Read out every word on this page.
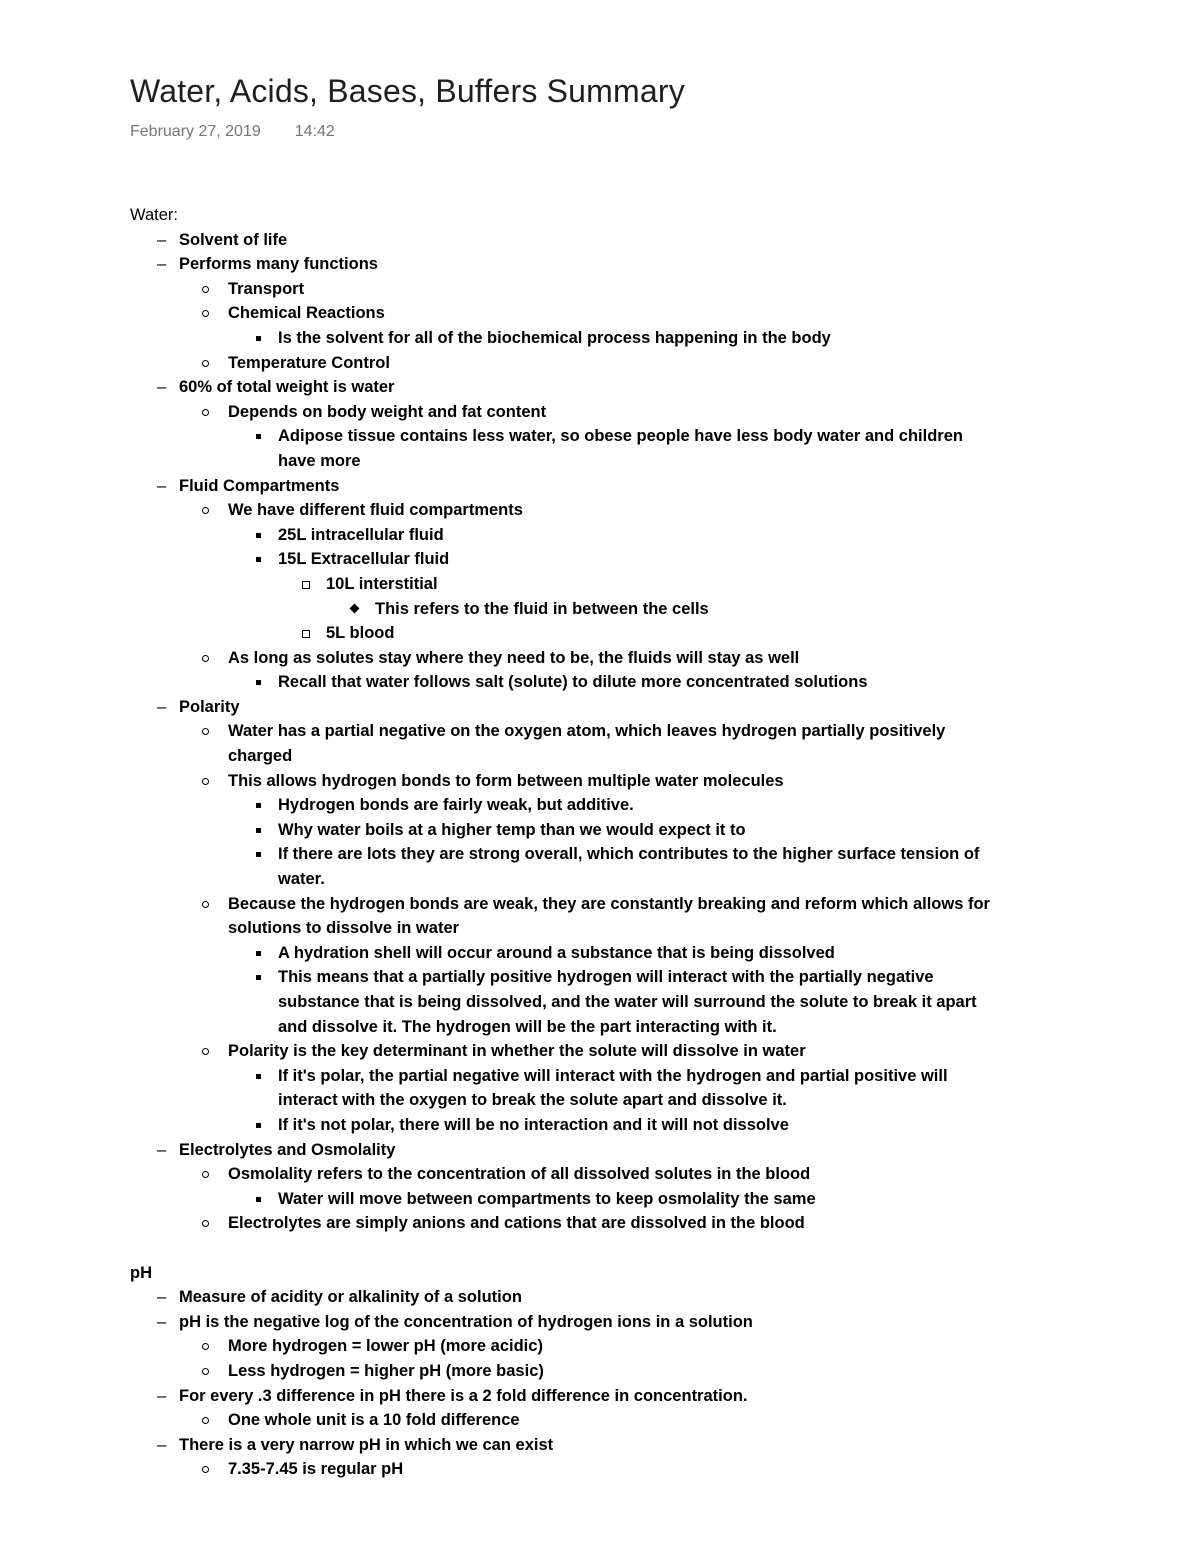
Water, Acids, Bases, Buffers Summary
February 27, 2019 14:42
Water:
–
Solvent of life
–
Performs many functions
Transport
Chemical Reactions
Is the solvent for all of the biochemical process happening in the body
Temperature Control
–
60% of total weight is water
Depends on body weight and fat content
Adipose tissue contains less water, so obese people have less body water and children have more
–
Fluid Compartments
We have different fluid compartments
25L intracellular fluid
15L Extracellular fluid
10L interstitial
This refers to the fluid in between the cells
5L blood
As long as solutes stay where they need to be, the fluids will stay as well
Recall that water follows salt (solute) to dilute more concentrated solutions
–
Polarity
Water has a partial negative on the oxygen atom, which leaves hydrogen partially positively charged
This allows hydrogen bonds to form between multiple water molecules
Hydrogen bonds are fairly weak, but additive.
Why water boils at a higher temp than we would expect it to
If there are lots they are strong overall, which contributes to the higher surface tension of water.
Because the hydrogen bonds are weak, they are constantly breaking and reform which allows for solutions to dissolve in water
A hydration shell will occur around a substance that is being dissolved
This means that a partially positive hydrogen will interact with the partially negative substance that is being dissolved, and the water will surround the solute to break it apart and dissolve it. The hydrogen will be the part interacting with it.
Polarity is the key determinant in whether the solute will dissolve in water
If it's polar, the partial negative will interact with the hydrogen and partial positive will interact with the oxygen to break the solute apart and dissolve it.
If it's not polar, there will be no interaction and it will not dissolve
–
Electrolytes and Osmolality
Osmolality refers to the concentration of all dissolved solutes in the blood
Water will move between compartments to keep osmolality the same
Electrolytes are simply anions and cations that are dissolved in the blood
pH
–
Measure of acidity or alkalinity of a solution
–
pH is the negative log of the concentration of hydrogen ions in a solution
More hydrogen = lower pH (more acidic)
Less hydrogen = higher pH (more basic)
–
For every .3 difference in pH there is a 2 fold difference in concentration.
One whole unit is a 10 fold difference
–
There is a very narrow pH in which we can exist
7.35-7.45 is regular pH
